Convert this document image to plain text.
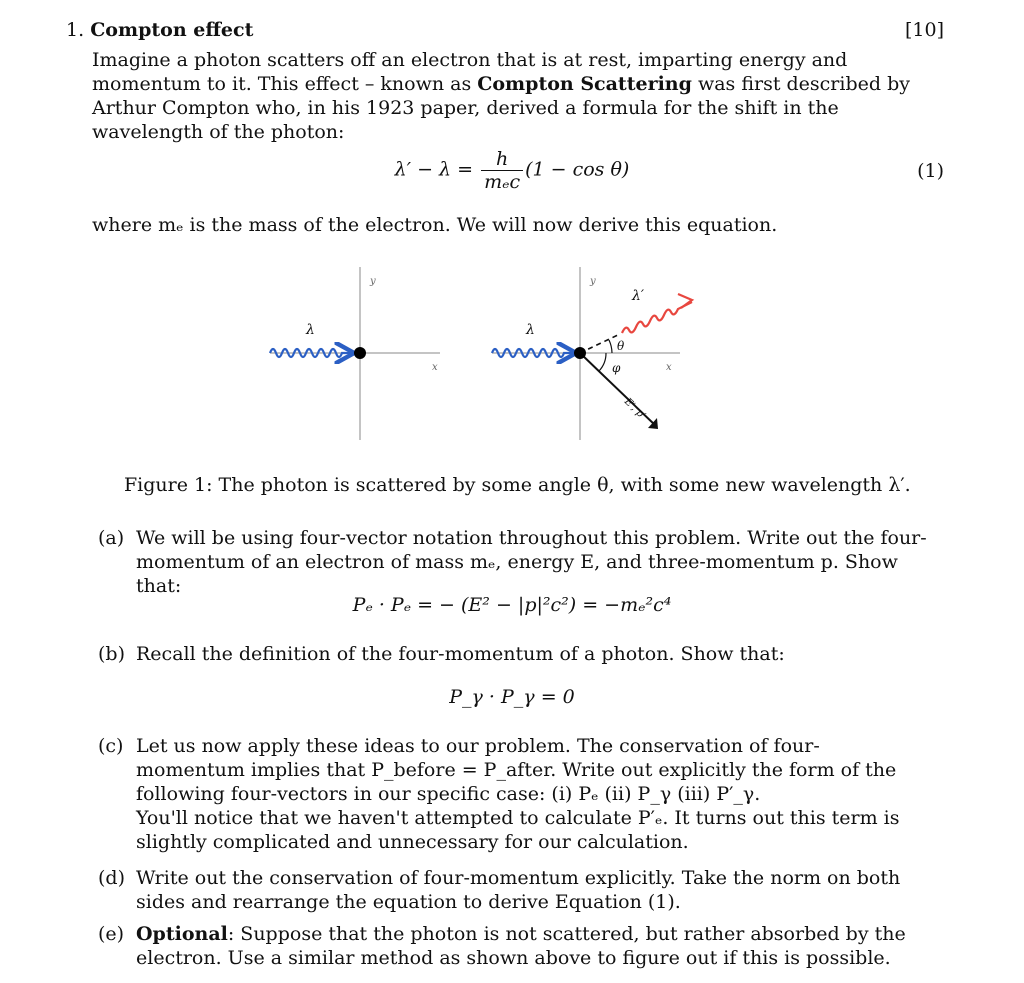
1. Compton effect	[10]
Imagine a photon scatters off an electron that is at rest, imparting energy and momentum to it. This effect – known as Compton Scattering was first described by Arthur Compton who, in his 1923 paper, derived a formula for the shift in the wavelength of the photon:
$\lambda' - \lambda = \frac{h}{\text{mₑc}} (1 - \cos \theta)$	(1)
where mₑ is the mass of the electron. We will now derive this equation.
y
x
λ
y
x
λ
λ′
θ
φ
E′, p′
Figure 1: The photon is scattered by some angle θ, with some new wavelength λ′.
(a) We will be using four-vector notation throughout this problem. Write out the four-momentum of an electron of mass mₑ, energy E, and three-momentum p. Show that:
Pₑ · Pₑ = − (E² − |p|²c²) = −mₑ²c⁴
(b) Recall the definition of the four-momentum of a photon. Show that:
P_γ · P_γ = 0
(c) Let us now apply these ideas to our problem. The conservation of four-momentum implies that P_before = P_after. Write out explicitly the form of the following four-vectors in our specific case: (i) Pₑ (ii) P_γ (iii) P′_γ.
You'll notice that we haven't attempted to calculate P′ₑ. It turns out this term is slightly complicated and unnecessary for our calculation.
(d) Write out the conservation of four-momentum explicitly. Take the norm on both sides and rearrange the equation to derive Equation (1).
(e) Optional: Suppose that the photon is not scattered, but rather absorbed by the electron. Use a similar method as shown above to figure out if this is possible.
